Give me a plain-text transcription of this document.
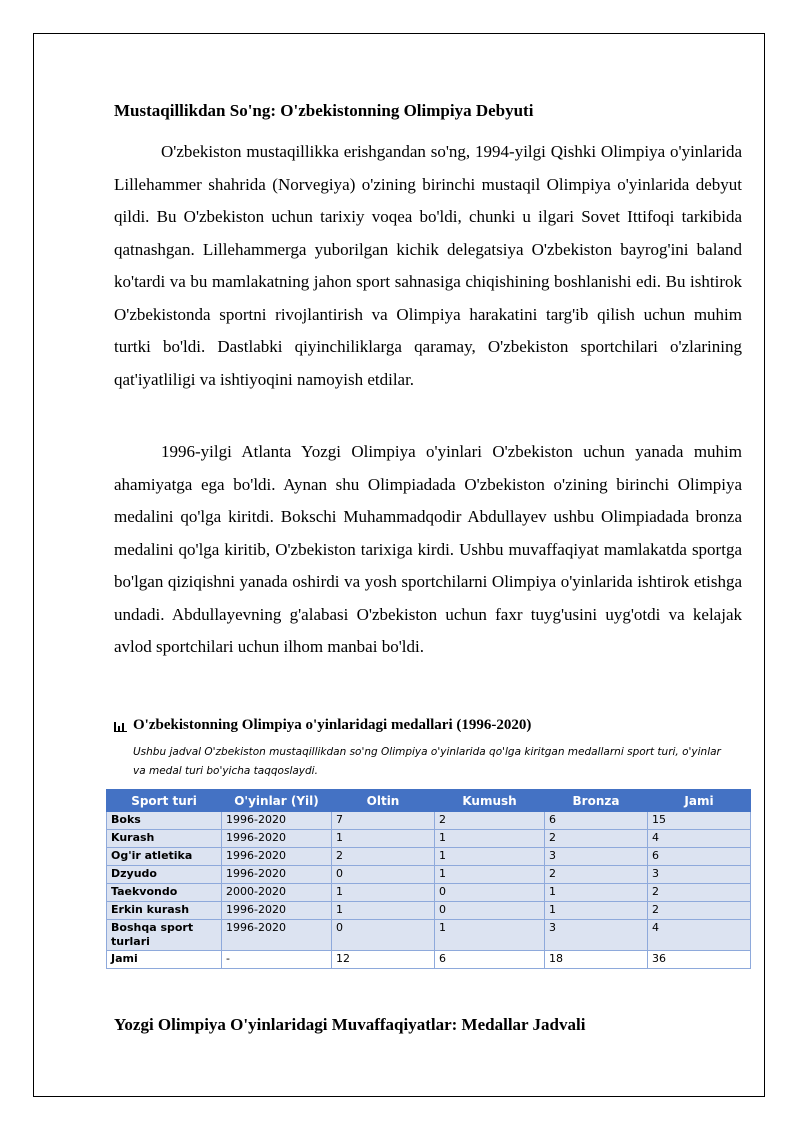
Mustaqillikdan So'ng: O'zbekistonning Olimpiya Debyuti

O'zbekiston mustaqillikka erishgandan so'ng, 1994-yilgi Qishki Olimpiya o'yinlarida Lillehammer shahrida (Norvegiya) o'zining birinchi mustaqil Olimpiya o'yinlarida debyut qildi. Bu O'zbekiston uchun tarixiy voqea bo'ldi, chunki u ilgari Sovet Ittifoqi tarkibida qatnashgan. Lillehammerga yuborilgan kichik delegatsiya O'zbekiston bayrog'ini baland ko'tardi va bu mamlakatning jahon sport sahnasiga chiqishining boshlanishi edi. Bu ishtirok O'zbekistonda sportni rivojlantirish va Olimpiya harakatini targ'ib qilish uchun muhim turtki bo'ldi. Dastlabki qiyinchiliklarga qaramay, O'zbekiston sportchilari o'zlarining qat'iyatliligi va ishtiyoqini namoyish etdilar.

1996-yilgi Atlanta Yozgi Olimpiya o'yinlari O'zbekiston uchun yanada muhim ahamiyatga ega bo'ldi. Aynan shu Olimpiadada O'zbekiston o'zining birinchi Olimpiya medalini qo'lga kiritdi. Bokschi Muhammadqodir Abdullayev ushbu Olimpiadada bronza medalini qo'lga kiritib, O'zbekiston tarixiga kirdi. Ushbu muvaffaqiyat mamlakatda sportga bo'lgan qiziqishni yanada oshirdi va yosh sportchilarni Olimpiya o'yinlarida ishtirok etishga undadi. Abdullayevning g'alabasi O'zbekiston uchun faxr tuyg'usini uyg'otdi va kelajak avlod sportchilari uchun ilhom manbai bo'ldi.

O'zbekistonning Olimpiya o'yinlaridagi medallari (1996-2020)

Ushbu jadval O'zbekiston mustaqillikdan so'ng Olimpiya o'yinlarida qo'lga kiritgan medallarni sport turi, o'yinlar va medal turi bo'yicha taqqoslaydi.

Sport turi	O'yinlar (Yil)	Oltin	Kumush	Bronza	Jami
Boks	1996-2020	7	2	6	15
Kurash	1996-2020	1	1	2	4
Og'ir atletika	1996-2020	2	1	3	6
Dzyudo	1996-2020	0	1	2	3
Taekvondo	2000-2020	1	0	1	2
Erkin kurash	1996-2020	1	0	1	2
Boshqa sport turlari	1996-2020	0	1	3	4
Jami	-	12	6	18	36
Yozgi Olimpiya O'yinlaridagi Muvaffaqiyatlar: Medallar Jadvali
